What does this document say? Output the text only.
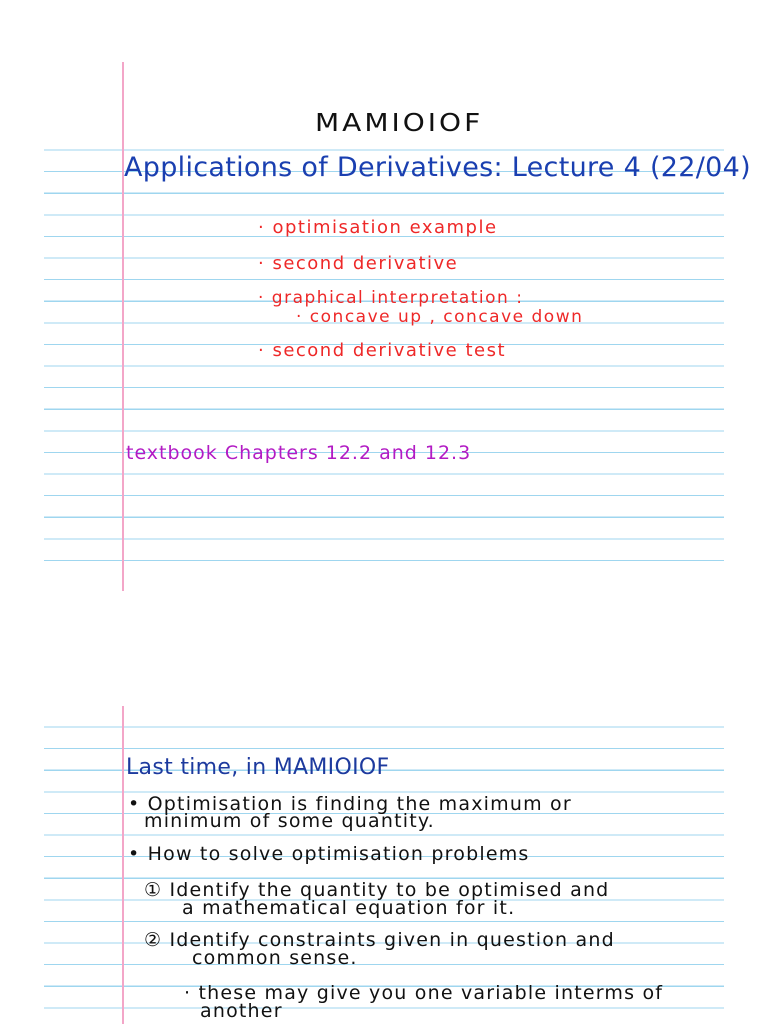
MAMIOIOF
Applications of Derivatives: Lecture 4 (22/04)
· optimisation example
· second derivative
· graphical interpretation :
· concave up , concave down
· second derivative test
textbook Chapters 12.2 and 12.3
Last time, in MAMIOIOF
• Optimisation is finding the maximum or
minimum of some quantity.
• How to solve optimisation problems
① Identify the quantity to be optimised and
a mathematical equation for it.
② Identify constraints given in question and
common sense.
· these may give you one variable interms of
another
